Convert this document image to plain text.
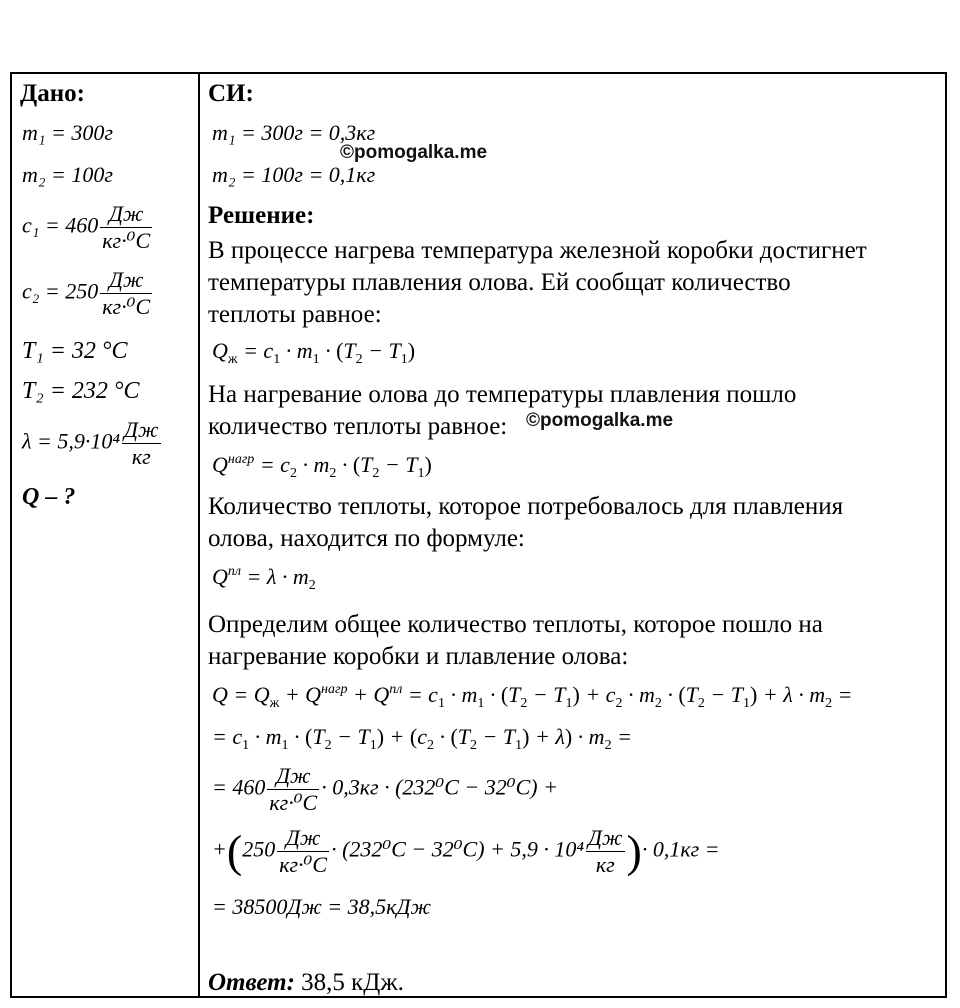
Дано:
m₁ = 300г
m₂ = 100г
$c_1 = 460 \frac{Дж}{\text{кг·⁰C}}$
$c_2 = 250 \frac{Дж}{\text{кг·⁰C}}$
T₁ = 32 °C
T₂ = 232 °C
$\lambda = 5,9\cdot 10^4 \frac{Дж}{кг}$
Q – ?
СИ:
m₁ = 300г = 0,3кг
m₂ = 100г = 0,1кг
©pomogalka.me
Решение:
В процессе нагрева температура железной коробки достигнет
температуры плавления олова. Ей сообщат количество
теплоты равное:
$Q_ж = c_1 \cdot m_1 \cdot (T_2 - T_1)$
На нагревание олова до температуры плавления пошло
количество теплоты равное: ©pomogalka.me
$Q^{нагр} = c_2 \cdot m_2 \cdot (T_2 - T_1)$
Количество теплоты, которое потребовалось для плавления
олова, находится по формуле:
$Q^{пл} = \lambda \cdot m_2$
Определим общее количество теплоты, которое пошло на
нагревание коробки и плавление олова:
$Q = Q_ж + Q^{нагр} + Q^{пл} = c_1 \cdot m_1 \cdot (T_2 - T_1) + c_2 \cdot m_2 \cdot (T_2 - T_1) + \lambda \cdot m_2$ =
= $c_1 \cdot m_1 \cdot (T_2 - T_1) + (c_2 \cdot (T_2 - T_1) + \lambda) \cdot m_2$ =
= $460 \frac{Дж}{\text{кг·⁰C}} \cdot 0,3кг \cdot (232^0C - 32^0C)$ +
$+(250 \frac{Дж}{\text{кг·⁰C}} \cdot (232^0C - 32^0C) + 5,9 \cdot 10^4 \frac{Дж}{кг}$ )· 0,1кг =
= 38500Дж = 38,5кДж
Ответ: 38,5 кДж.
